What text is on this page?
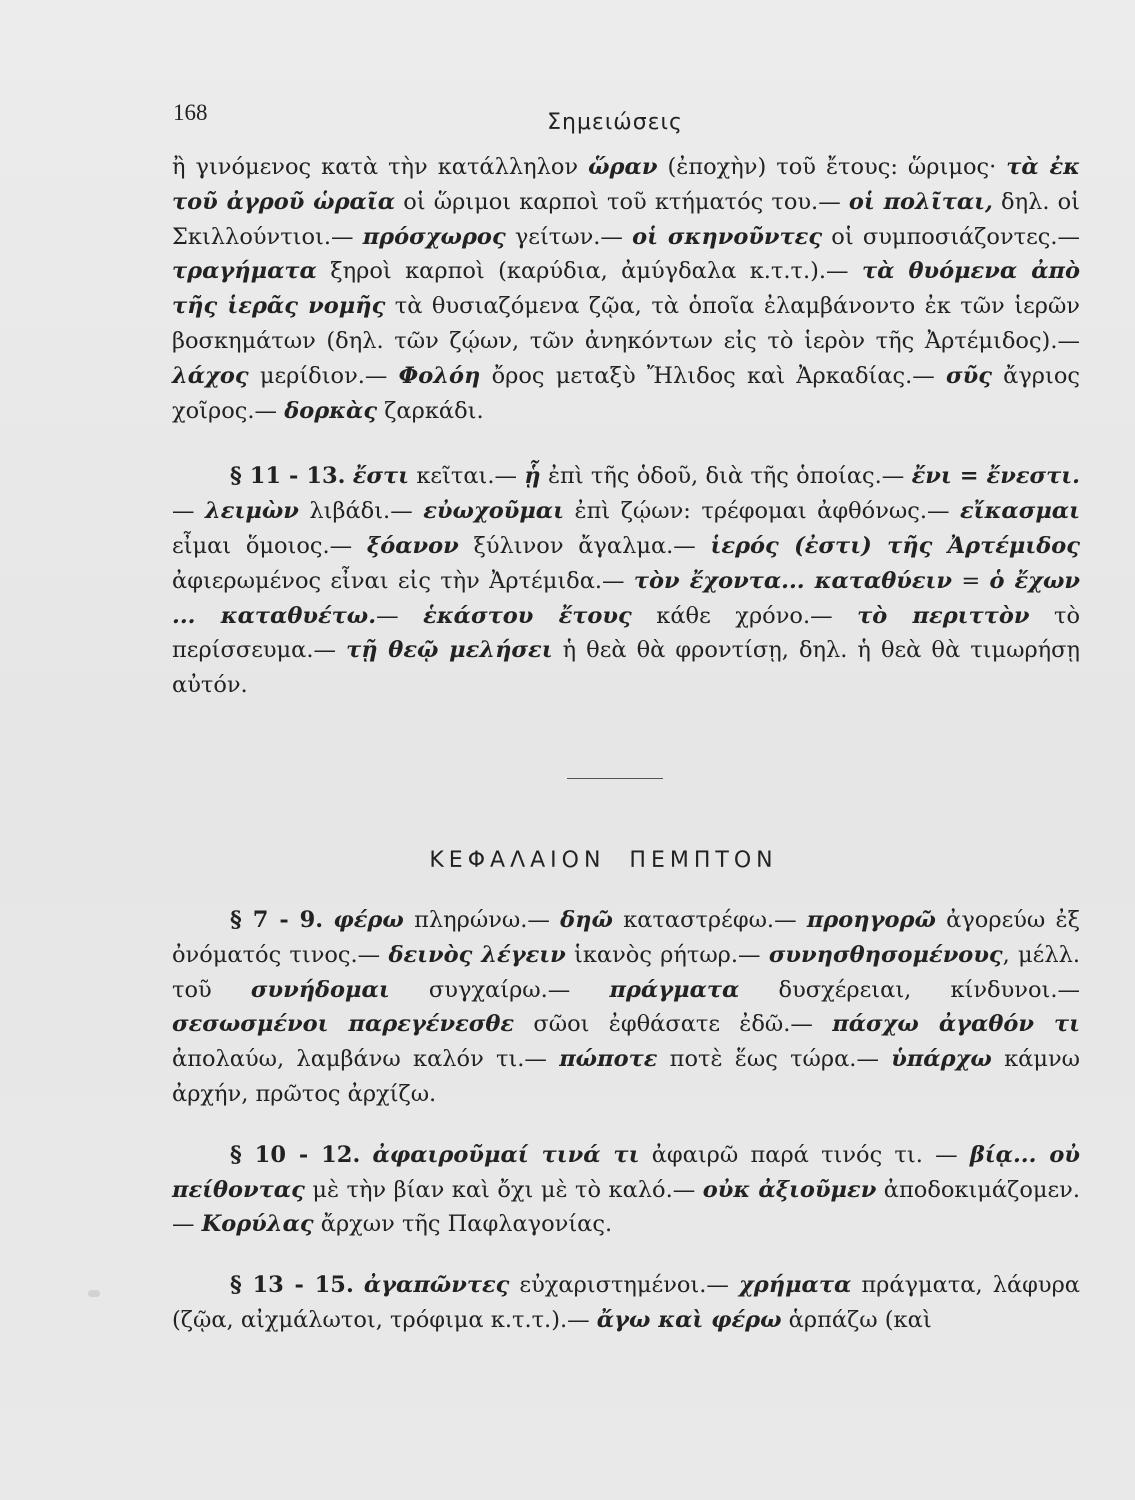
168	Σημειώσεις

ἢ γινόμενος κατὰ τὴν κατάλληλον ὥραν (ἐποχὴν) τοῦ ἔτους: ὥριμος· τὰ ἐκ τοῦ ἀγροῦ ὡραῖα οἱ ὥριμοι καρποὶ τοῦ κτήματός του.— οἱ πολῖται, δηλ. οἱ Σκιλλούντιοι.— πρόσχωρος γείτων.— οἱ σκηνοῦντες οἱ συμποσιάζοντες.— τραγήματα ξηροὶ καρποὶ (καρύδια, ἀμύγδαλα κ.τ.τ.).— τὰ θυόμενα ἀπὸ τῆς ἱερᾶς νομῆς τὰ θυσιαζόμενα ζῷα, τὰ ὁποῖα ἐλαμβάνοντο ἐκ τῶν ἱερῶν βοσκημάτων (δηλ. τῶν ζῴων, τῶν ἀνηκόντων εἰς τὸ ἱερὸν τῆς Ἀρτέμιδος).— λάχος μερίδιον.— Φολόη ὄρος μεταξὺ Ἤλιδος καὶ Ἀρκαδίας.— σῦς ἄγριος χοῖρος.— δορκὰς ζαρκάδι.

§ 11 - 13. ἔστι κεῖται.— ᾗ ἐπὶ τῆς ὁδοῦ, διὰ τῆς ὁποίας.— ἔνι = ἔνεστι.— λειμὼν λιβάδι.— εὐωχοῦμαι ἐπὶ ζῴων: τρέφομαι ἀφθόνως.— εἴκασμαι εἶμαι ὅμοιος.— ξόανον ξύλινον ἄγαλμα.— ἱερός (ἐστι) τῆς Ἀρτέμιδος ἀφιερωμένος εἶναι εἰς τὴν Ἀρτέμιδα.— τὸν ἔχοντα... καταθύειν = ὁ ἔχων ... καταθυέτω.— ἑκάστου ἔτους κάθε χρόνο.— τὸ περιττὸν τὸ περίσσευμα.— τῇ θεῷ μελήσει ἡ θεὰ θὰ φροντίσῃ, δηλ. ἡ θεὰ θὰ τιμωρήσῃ αὐτόν.

ΚΕΦΑΛΑΙΟΝ ΠΕΜΠΤΟΝ

§ 7 - 9. φέρω πληρώνω.— δηῶ καταστρέφω.— προηγορῶ ἀγορεύω ἐξ ὀνόματός τινος.— δεινὸς λέγειν ἱκανὸς ρήτωρ.— συνησθησομένους, μέλλ. τοῦ συνήδομαι συγχαίρω.— πράγματα δυσχέρειαι, κίνδυνοι.— σεσωσμένοι παρεγένεσθε σῶοι ἐφθάσατε ἐδῶ.— πάσχω ἀγαθόν τι ἀπολαύω, λαμβάνω καλόν τι.— πώποτε ποτὲ ἕως τώρα.— ὑπάρχω κάμνω ἀρχήν, πρῶτος ἀρχίζω.

§ 10 - 12. ἀφαιροῦμαί τινά τι ἀφαιρῶ παρά τινός τι. — βίᾳ... οὐ πείθοντας μὲ τὴν βίαν καὶ ὄχι μὲ τὸ καλό.— οὐκ ἀξιοῦμεν ἀποδοκιμάζομεν.— Κορύλας ἄρχων τῆς Παφλαγονίας.

§ 13 - 15. ἀγαπῶντες εὐχαριστημένοι.— χρήματα πράγματα, λάφυρα (ζῷα, αἰχμάλωτοι, τρόφιμα κ.τ.τ.).— ἄγω καὶ φέρω ἁρπάζω (καὶ
